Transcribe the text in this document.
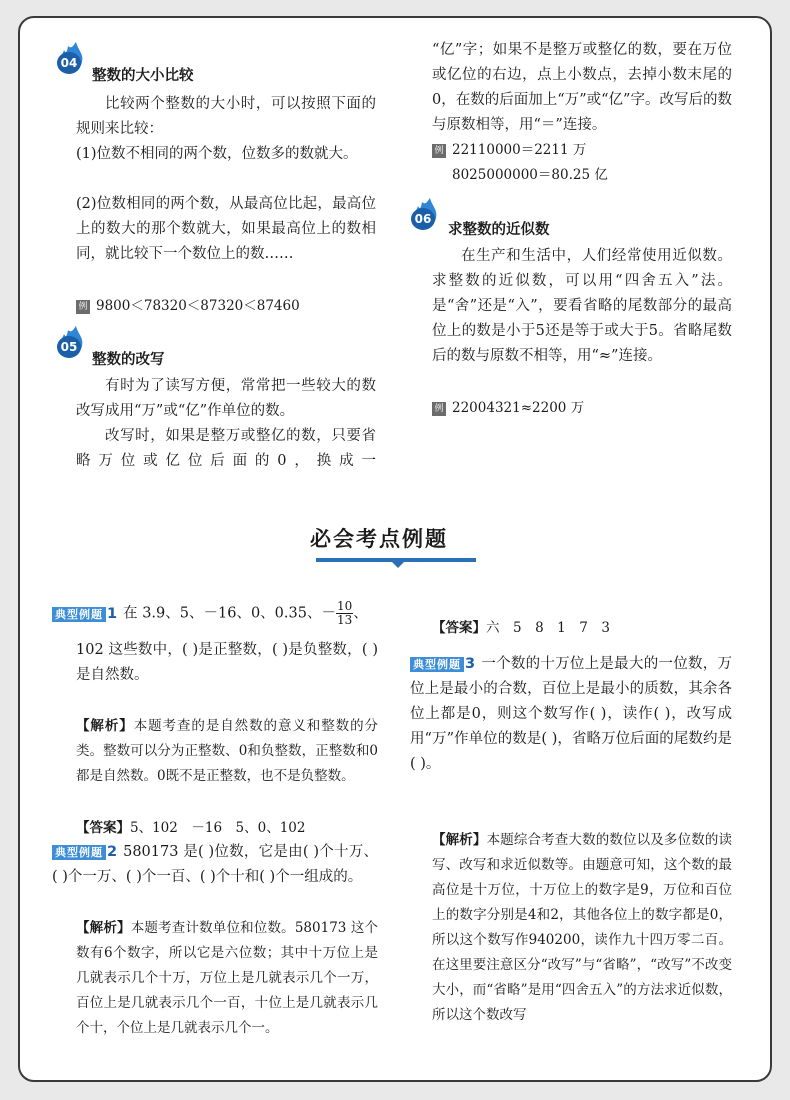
04
整数的大小比较
比较两个整数的大小时，可以按照下面的规则来比较：
(1)位数不相同的两个数，位数多的数就大。
(2)位数相同的两个数，从最高位比起，最高位上的数大的那个数就大，如果最高位上的数相同，就比较下一个数位上的数……
例 9800＜78320＜87320＜87460
05
整数的改写
有时为了读写方便，常常把一些较大的数改写成用“万”或“亿”作单位的数。
改写时，如果是整万或整亿的数，只要省略万位或亿位后面的0，换成一
“亿”字；如果不是整万或整亿的数，要在万位或亿位的右边，点上小数点，去掉小数末尾的0，在数的后面加上“万”或“亿”字。改写后的数与原数相等，用“＝”连接。
例 22110000＝2211 万
8025000000＝80.25 亿
06
求整数的近似数
在生产和生活中，人们经常使用近似数。求整数的近似数，可以用“四舍五入”法。是“舍”还是“入”，要看省略的尾数部分的最高位上的数是小于5还是等于或大于5。省略尾数后的数与原数不相等，用“≈”连接。
例 22004321≈2200 万
必会考点例题
典型例题 1 在 3.9、5、－16、0、0.35、－ $\frac{10}{13}$ 、
102 这些数中，( )是正整数，( )是负整数，( )是自然数。
【解析】本题考查的是自然数的意义和整数的分类。整数可以分为正整数、0和负整数，正整数和0都是自然数。0既不是正整数，也不是负整数。
【答案】5、102　－16　5、0、102
典型例题 2 580173 是( )位数，它是由( )个十万、( )个一万、( )个一百、( )个十和( )个一组成的。
【解析】本题考查计数单位和位数。580173 这个数有6个数字，所以它是六位数；其中十万位上是几就表示几个十万，万位上是几就表示几个一万，百位上是几就表示几个一百，十位上是几就表示几个十，个位上是几就表示几个一。
【答案】六　5　8　1　7　3
典型例题 3 一个数的十万位上是最大的一位数，万位上是最小的合数，百位上是最小的质数，其余各位上都是0，则这个数写作( )，读作( )，改写成用“万”作单位的数是( )，省略万位后面的尾数约是( )。
【解析】本题综合考查大数的数位以及多位数的读写、改写和求近似数等。由题意可知，这个数的最高位是十万位，十万位上的数字是9，万位和百位上的数字分别是4和2，其他各位上的数字都是0，所以这个数写作940200，读作九十四万零二百。在这里要注意区分“改写”与“省略”，“改写”不改变大小，而“省略”是用“四舍五入”的方法求近似数，所以这个数改写
